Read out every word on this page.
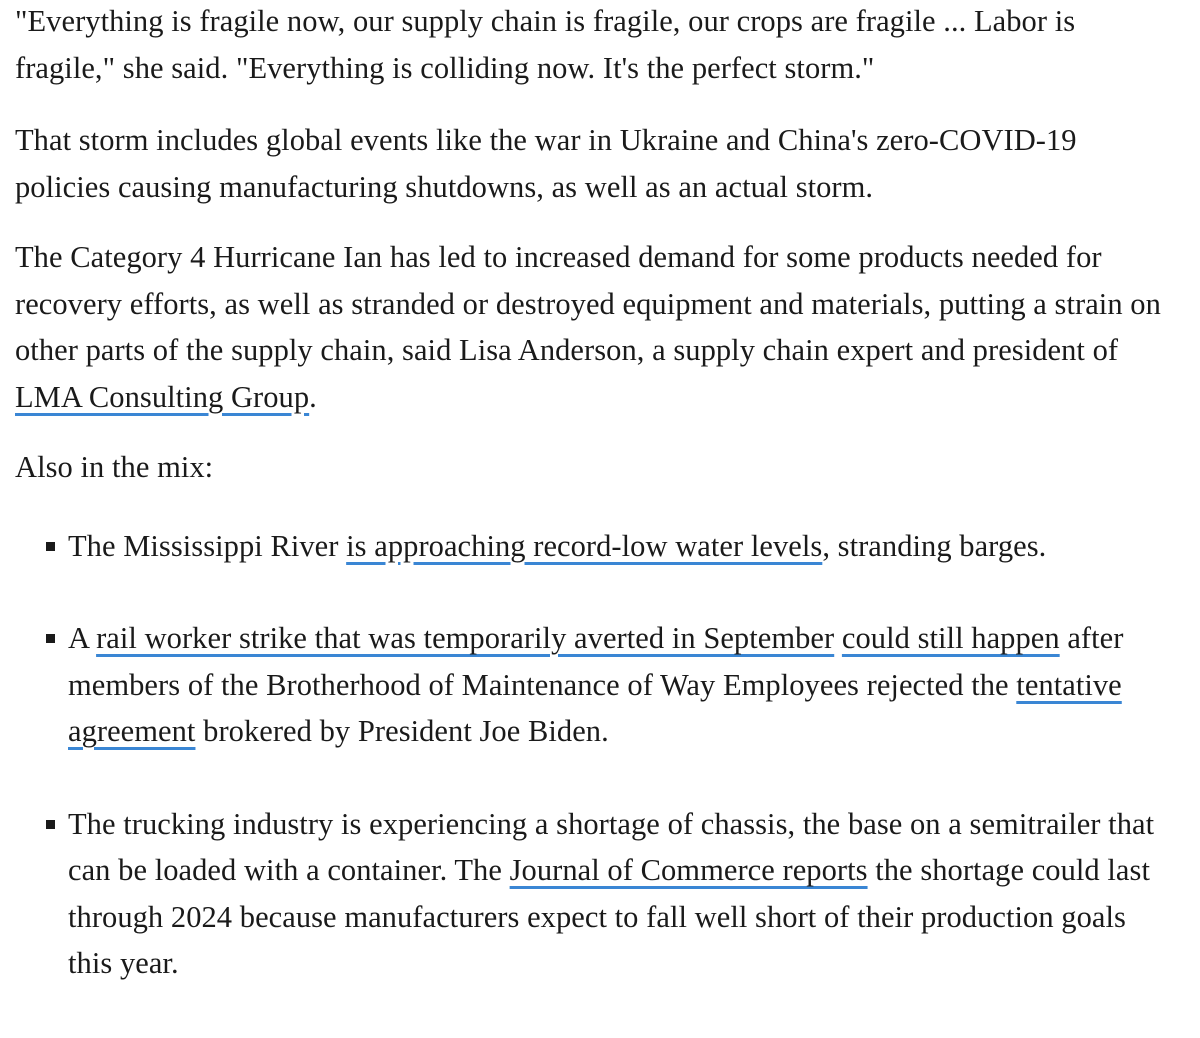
"Everything is fragile now, our supply chain is fragile, our crops are fragile ... Labor is fragile," she said. "Everything is colliding now. It's the perfect storm."

That storm includes global events like the war in Ukraine and China's zero-COVID-19 policies causing manufacturing shutdowns, as well as an actual storm.

The Category 4 Hurricane Ian has led to increased demand for some products needed for recovery efforts, as well as stranded or destroyed equipment and materials, putting a strain on other parts of the supply chain, said Lisa Anderson, a supply chain expert and president of LMA Consulting Group.

Also in the mix:

The Mississippi River is approaching record-low water levels, stranding barges.
A rail worker strike that was temporarily averted in September could still happen after members of the Brotherhood of Maintenance of Way Employees rejected the tentative agreement brokered by President Joe Biden.
The trucking industry is experiencing a shortage of chassis, the base on a semitrailer that can be loaded with a container. The Journal of Commerce reports the shortage could last through 2024 because manufacturers expect to fall well short of their production goals this year.
